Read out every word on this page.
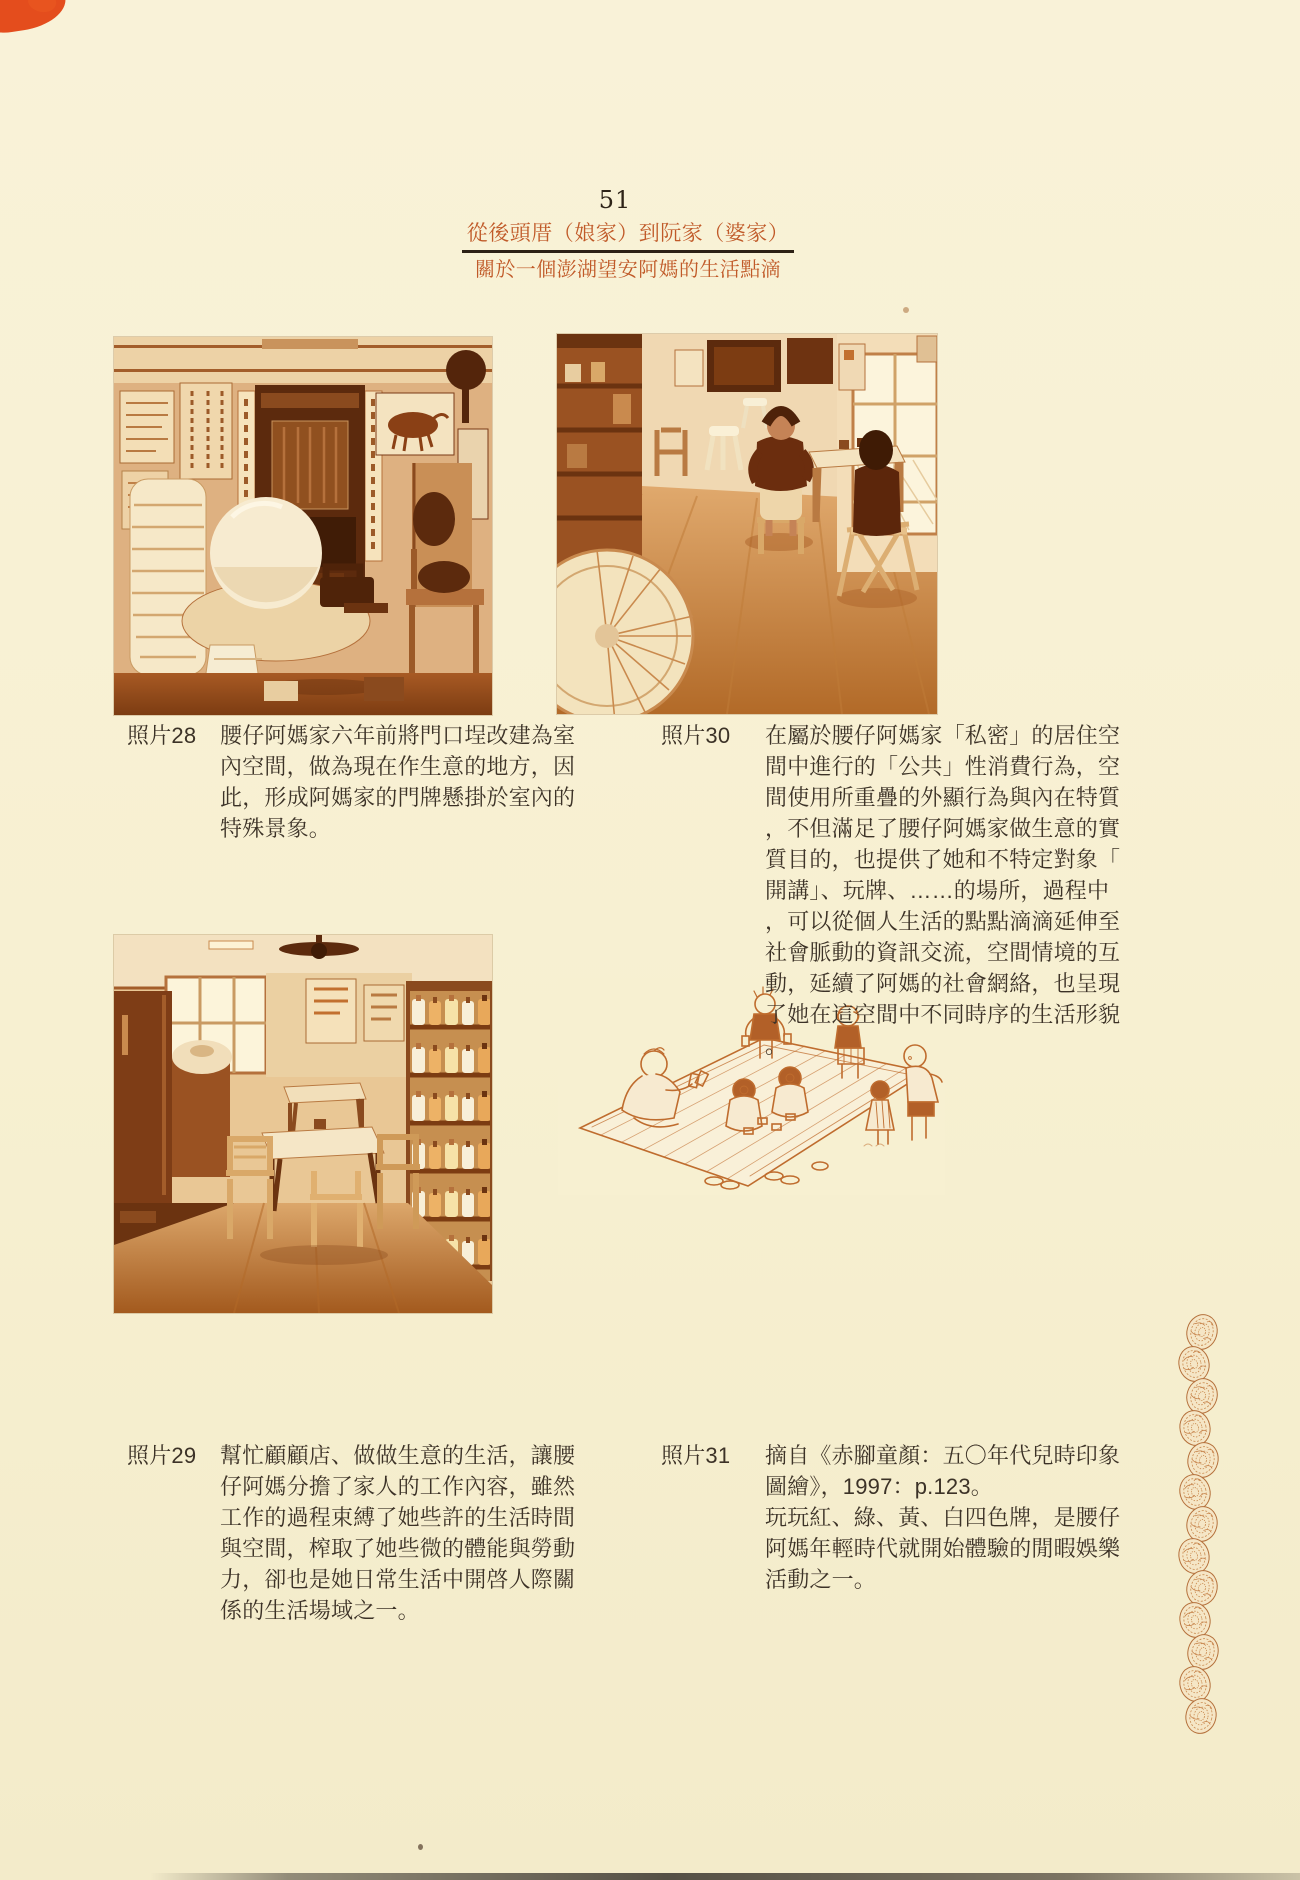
51
從後頭厝（娘家）到阮家（婆家）
關於一個澎湖望安阿媽的生活點滴
照片28 腰仔阿媽家六年前將門口埕改建為室內空間，做為現在作生意的地方，因此，形成阿媽家的門牌懸掛於室內的特殊景象。
照片30 在屬於腰仔阿媽家「私密」的居住空間中進行的「公共」性消費行為，空間使用所重疊的外顯行為與內在特質，不但滿足了腰仔阿媽家做生意的實質目的，也提供了她和不特定對象「開講」、玩牌、……的場所，過程中，可以從個人生活的點點滴滴延伸至社會脈動的資訊交流，空間情境的互動，延續了阿媽的社會網絡，也呈現了她在這空間中不同時序的生活形貌。
照片29 幫忙顧顧店、做做生意的生活，讓腰仔阿媽分擔了家人的工作內容，雖然工作的過程束縛了她些許的生活時間與空間，榨取了她些微的體能與勞動力，卻也是她日常生活中開啓人際關係的生活場域之一。
照片31 摘自《赤腳童顏：五〇年代兒時印象圖繪》，1997：p.123。
玩玩紅、綠、黃、白四色牌，是腰仔阿媽年輕時代就開始體驗的閒暇娛樂活動之一。
